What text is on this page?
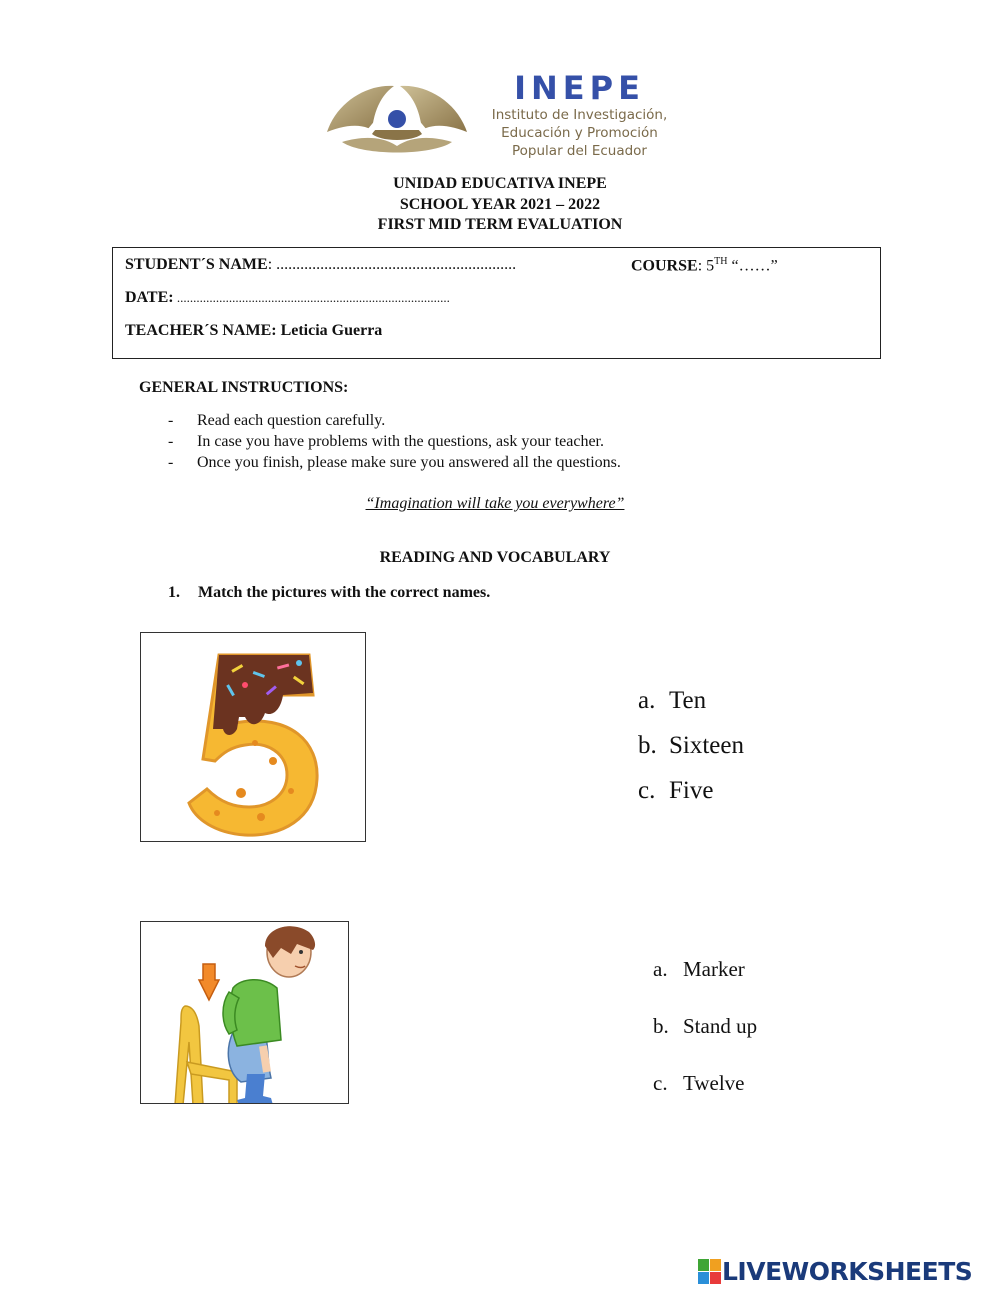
INEPE
Instituto de Investigación,
Educación y Promoción
Popular del Ecuador
UNIDAD EDUCATIVA INEPE
SCHOOL YEAR 2021 – 2022
FIRST MID TERM EVALUATION
STUDENT´S NAME: ............................................................	COURSE: 5TH “……”
DATE: ....................................................................................
TEACHER´S NAME: Leticia Guerra
GENERAL INSTRUCTIONS:
- Read each question carefully.
- In case you have problems with the questions, ask your teacher.
- Once you finish, please make sure you answered all the questions.
“Imagination will take you everywhere”
READING AND VOCABULARY
1. Match the pictures with the correct names.
a. Ten
b. Sixteen
c. Five
a. Marker
b. Stand up
c. Twelve
LIVEWORKSHEETS
